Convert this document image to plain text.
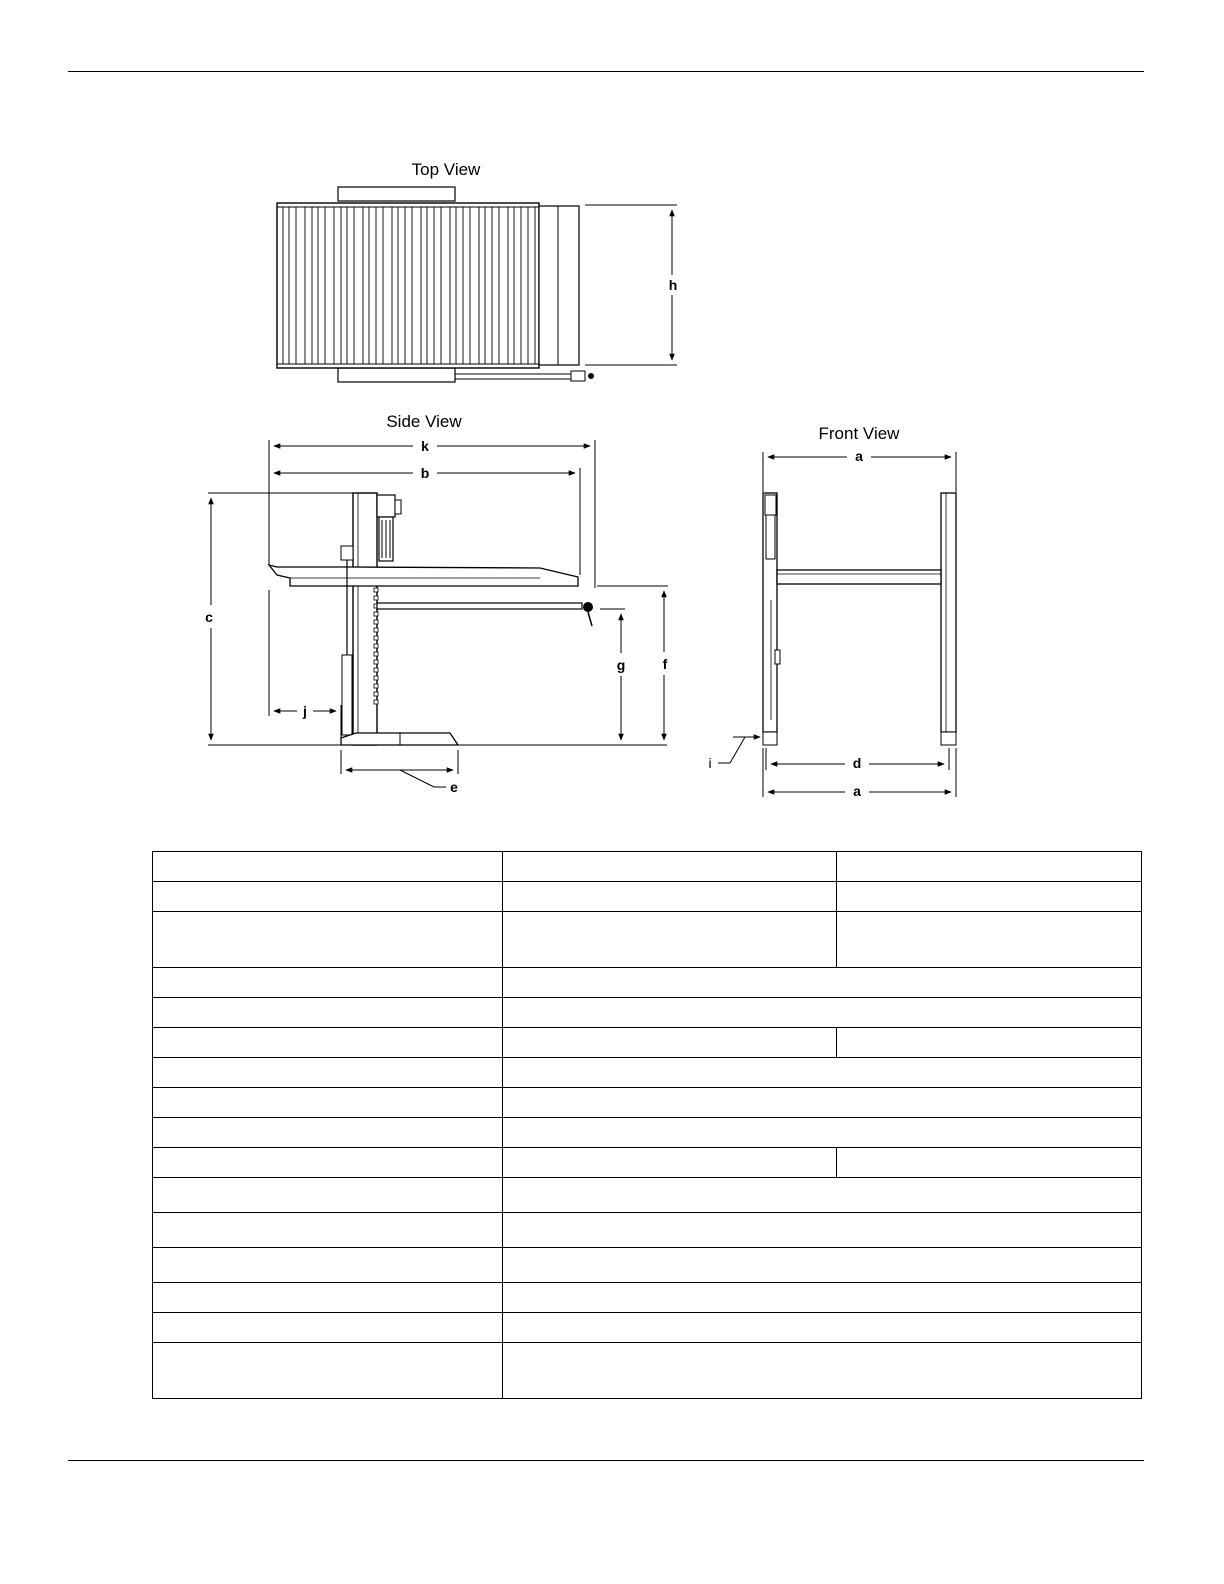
Top View
h
Side View
k
b
c
f
g
j
e
Front View
a
i	d
a
